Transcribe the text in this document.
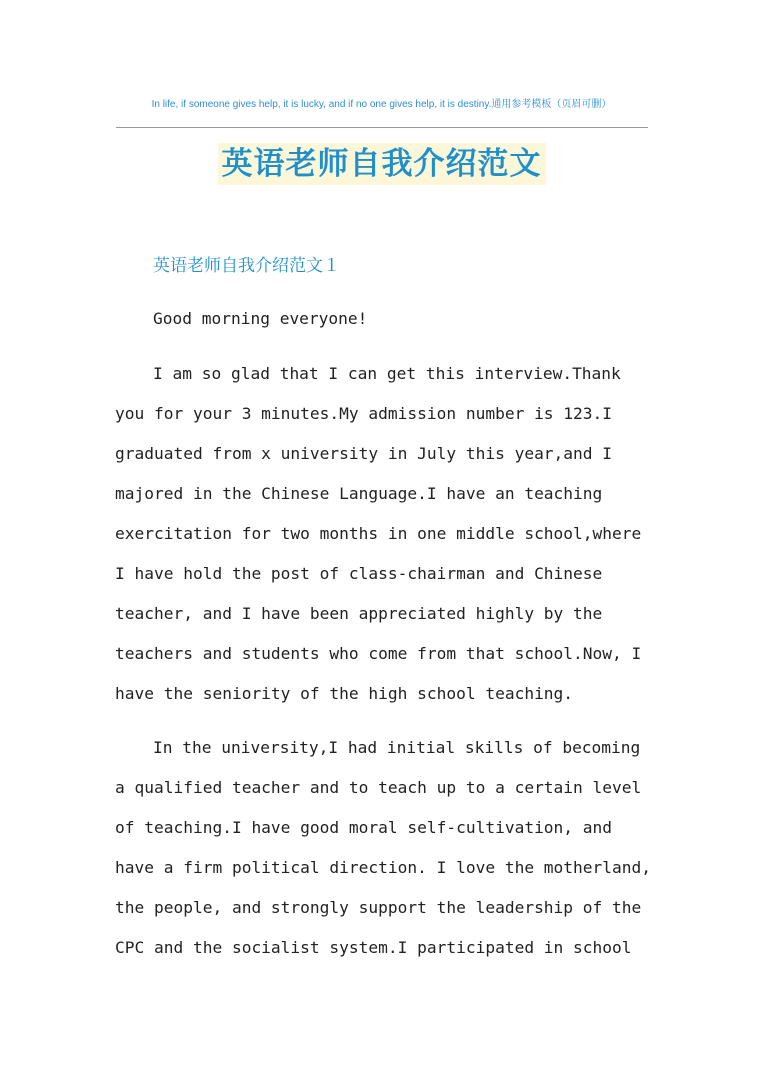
In life, if someone gives help, it is lucky, and if no one gives help, it is destiny.通用参考模板（页眉可删）
英语老师自我介绍范文
英语老师自我介绍范文１
Good morning everyone!
I am so glad that I can get this interview.Thank
you for your 3 minutes.My admission number is 123.I
graduated from x university in July this year,and I
majored in the Chinese Language.I have an teaching
exercitation for two months in one middle school,where
I have hold the post of class-chairman and Chinese
teacher, and I have been appreciated highly by the
teachers and students who come from that school.Now, I
have the seniority of the high school teaching.
In the university,I had initial skills of becoming
a qualified teacher and to teach up to a certain level
of teaching.I have good moral self-cultivation, and
have a firm political direction. I love the motherland,
the people, and strongly support the leadership of the
CPC and the socialist system.I participated in school
